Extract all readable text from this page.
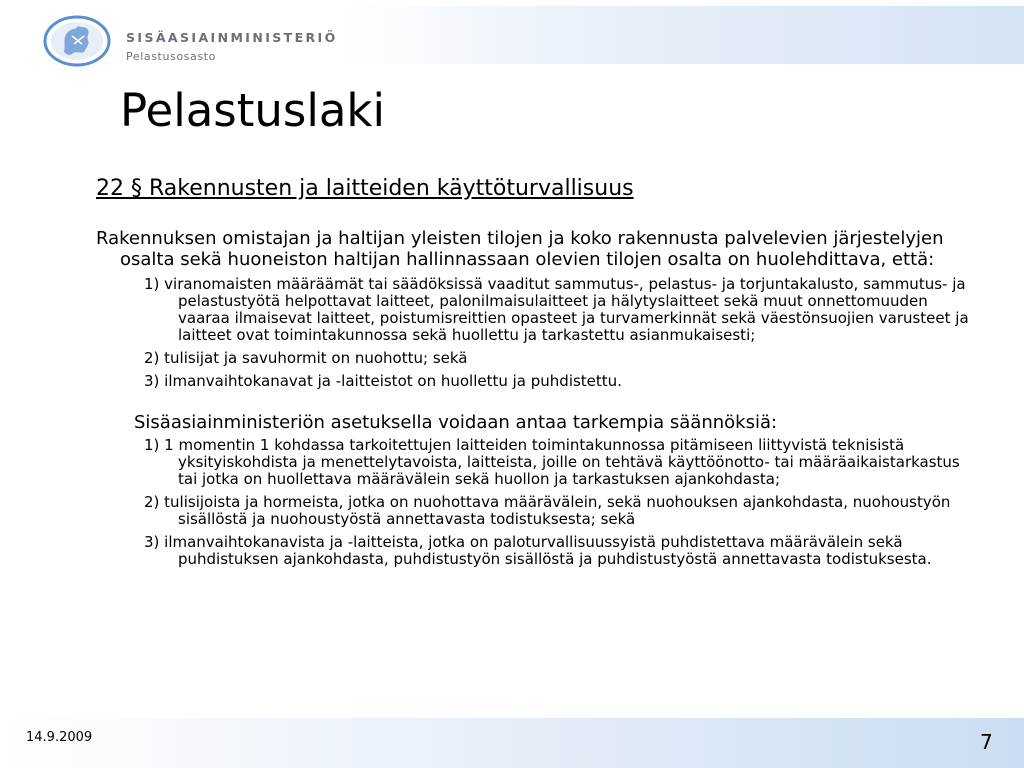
SISÄASIAINMINISTERIÖ
Pelastusosasto
Pelastuslaki
22 § Rakennusten ja laitteiden käyttöturvallisuus

Rakennuksen omistajan ja haltijan yleisten tilojen ja koko rakennusta palvelevien järjestelyjen osalta sekä huoneiston haltijan hallinnassaan olevien tilojen osalta on huolehdittava, että:

1) viranomaisten määräämät tai säädöksissä vaaditut sammutus-, pelastus- ja torjuntakalusto, sammutus- ja pelastustyötä helpottavat laitteet, palonilmaisulaitteet ja hälytyslaitteet sekä muut onnettomuuden vaaraa ilmaisevat laitteet, poistumisreittien opasteet ja turvamerkinnät sekä väestönsuojien varusteet ja laitteet ovat toimintakunnossa sekä huollettu ja tarkastettu asianmukaisesti;
2) tulisijat ja savuhormit on nuohottu; sekä
3) ilmanvaihtokanavat ja -laitteistot on huollettu ja puhdistettu.

Sisäasiainministeriön asetuksella voidaan antaa tarkempia säännöksiä:

1) 1 momentin 1 kohdassa tarkoitettujen laitteiden toimintakunnossa pitämiseen liittyvistä teknisistä yksityiskohdista ja menettelytavoista, laitteista, joille on tehtävä käyttöönotto- tai määräaikaistarkastus tai jotka on huollettava määrävälein sekä huollon ja tarkastuksen ajankohdasta;
2) tulisijoista ja hormeista, jotka on nuohottava määrävälein, sekä nuohouksen ajankohdasta, nuohoustyön sisällöstä ja nuohoustyöstä annettavasta todistuksesta; sekä
3) ilmanvaihtokanavista ja -laitteista, jotka on paloturvallisuussyistä puhdistettava määrävälein sekä puhdistuksen ajankohdasta, puhdistustyön sisällöstä ja puhdistustyöstä annettavasta todistuksesta.
14.9.2009	7
